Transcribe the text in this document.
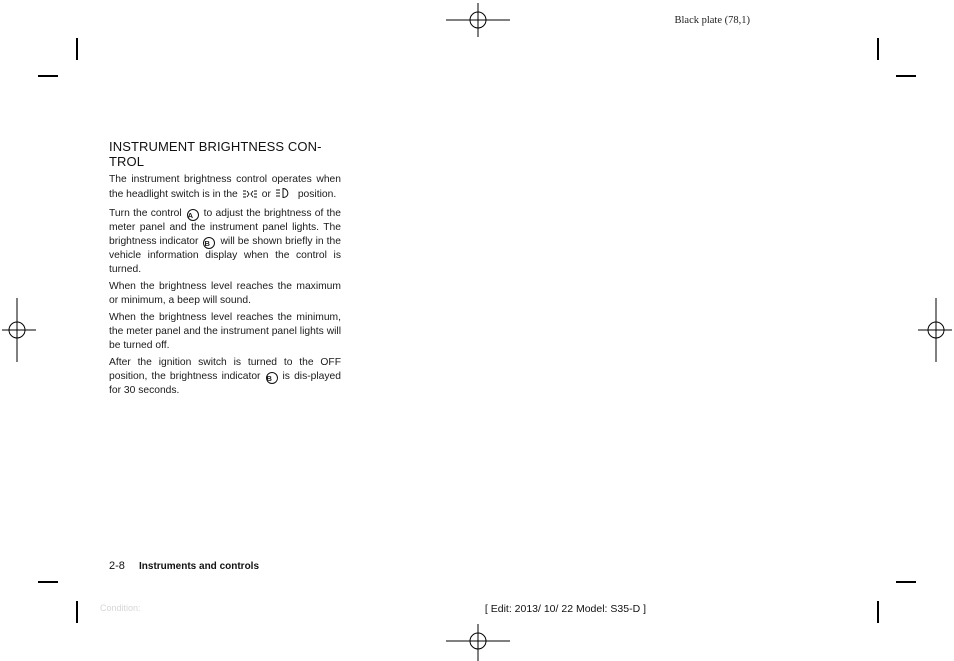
Black plate (78,1)
INSTRUMENT BRIGHTNESS CON-
TROL

The instrument brightness control operates when the headlight switch is in the or	position.

Turn the control A to adjust the brightness of the meter panel and the instrument panel lights. The brightness indicator B will be shown briefly in the vehicle information display when the control is turned.

When the brightness level reaches the maximum or minimum, a beep will sound.

When the brightness level reaches the minimum, the meter panel and the instrument panel lights will be turned off.

After the ignition switch is turned to the OFF position, the brightness indicator B is dis-played for 30 seconds.

2-8 Instruments and controls
Condition:	[ Edit: 2013/ 10/ 22 Model: S35-D ]
